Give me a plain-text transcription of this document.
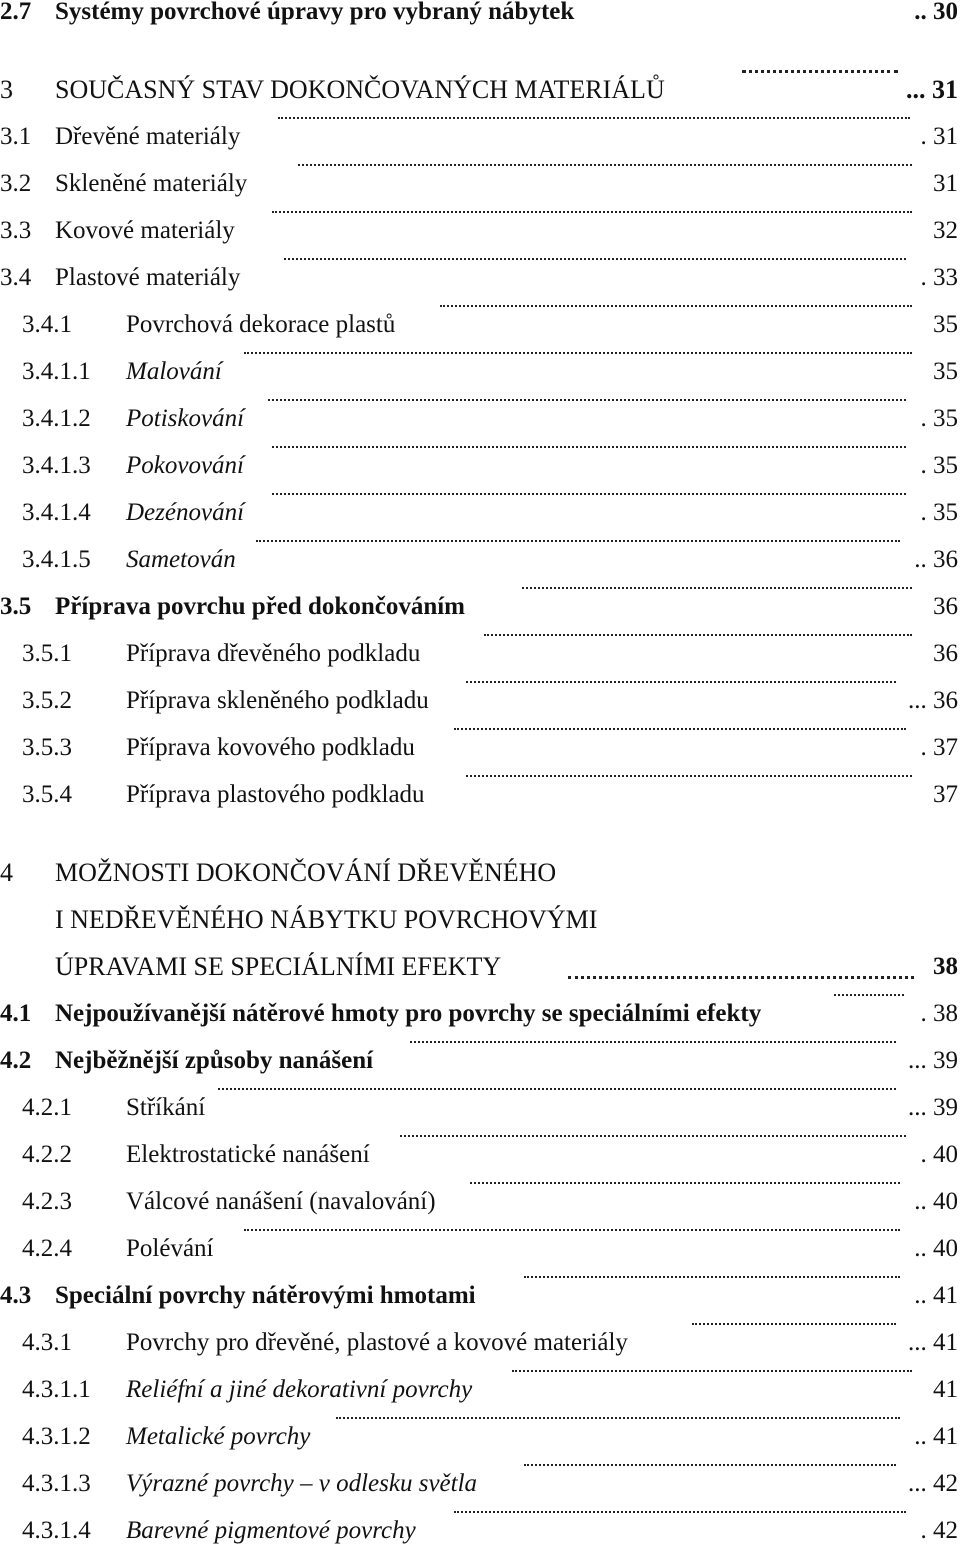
2.7 Systémy povrchové úpravy pro vybraný nábytek	.. 30
3 SOUČASNÝ STAV DOKONČOVANÝCH MATERIÁLŮ	... 31
3.1 Dřevěné materiály	. 31
3.2 Skleněné materiály	31
3.3 Kovové materiály	32
3.4 Plastové materiály	. 33
3.4.1 Povrchová dekorace plastů	35
3.4.1.1 Malování	35
3.4.1.2 Potiskování	. 35
3.4.1.3 Pokovování	. 35
3.4.1.4 Dezénování	. 35
3.4.1.5 Sametován	.. 36
3.5 Příprava povrchu před dokončováním	36
3.5.1 Příprava dřevěného podkladu	36
3.5.2 Příprava skleněného podkladu	... 36
3.5.3 Příprava kovového podkladu	. 37
3.5.4 Příprava plastového podkladu	37
4 MOŽNOSTI DOKONČOVÁNÍ DŘEVĚNÉHO
I NEDŘEVĚNÉHO NÁBYTKU POVRCHOVÝMI
ÚPRAVAMI SE SPECIÁLNÍMI EFEKTY	38
4.1 Nejpoužívanější nátěrové hmoty pro povrchy se speciálními efekty	. 38
4.2 Nejběžnější způsoby nanášení	... 39
4.2.1 Stříkání	... 39
4.2.2 Elektrostatické nanášení	. 40
4.2.3 Válcové nanášení (navalování)	.. 40
4.2.4 Polévání	.. 40
4.3 Speciální povrchy nátěrovými hmotami	.. 41
4.3.1 Povrchy pro dřevěné, plastové a kovové materiály	... 41
4.3.1.1 Reliéfní a jiné dekorativní povrchy	41
4.3.1.2 Metalické povrchy	.. 41
4.3.1.3 Výrazné povrchy – v odlesku světla	... 42
4.3.1.4 Barevné pigmentové povrchy	. 42
